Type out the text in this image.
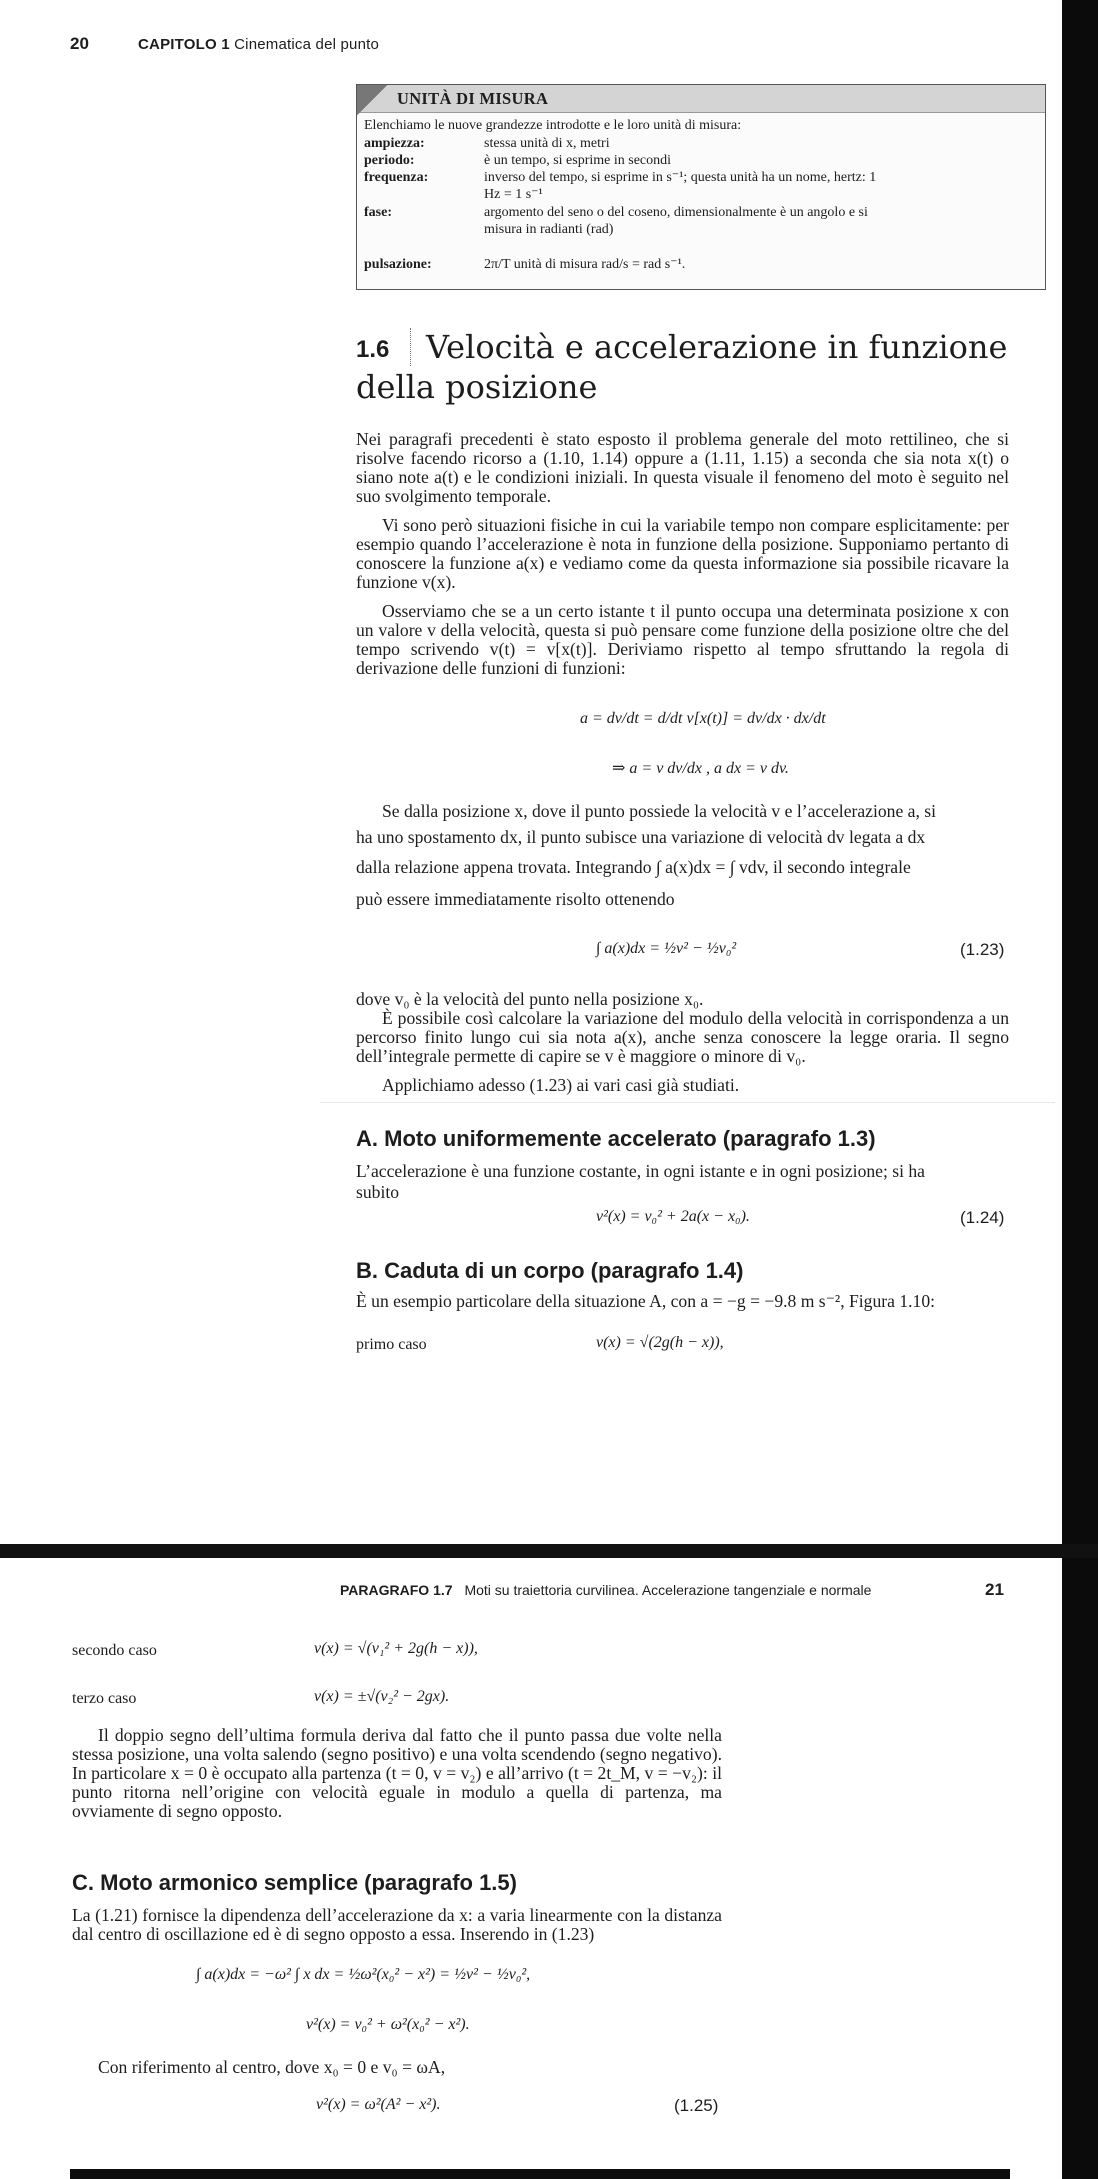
20	CAPITOLO 1 Cinematica del punto
UNITÀ DI MISURA
Elenchiamo le nuove grandezze introdotte e le loro unità di misura:
ampiezza:	stessa unità di x, metri
periodo:	è un tempo, si esprime in secondi
frequenza:	inverso del tempo, si esprime in s⁻¹; questa unità ha un nome, hertz: 1
Hz = 1 s⁻¹
fase:	argomento del seno o del coseno, dimensionalmente è un angolo e si
misura in radianti (rad)
pulsazione:	2π/T unità di misura rad/s = rad s⁻¹.
1.6 Velocità e accelerazione in funzione
della posizione
Nei paragrafi precedenti è stato esposto il problema generale del moto rettilineo, che si risolve facendo ricorso a (1.10, 1.14) oppure a (1.11, 1.15) a seconda che sia nota x(t) o siano note a(t) e le condizioni iniziali. In questa visuale il fenomeno del moto è seguito nel suo svolgimento temporale.
Vi sono però situazioni fisiche in cui la variabile tempo non compare esplicitamente: per esempio quando l’accelerazione è nota in funzione della posizione. Supponiamo pertanto di conoscere la funzione a(x) e vediamo come da questa informazione sia possibile ricavare la funzione v(x).
Osserviamo che se a un certo istante t il punto occupa una determinata posizione x con un valore v della velocità, questa si può pensare come funzione della posizione oltre che del tempo scrivendo v(t) = v[x(t)]. Deriviamo rispetto al tempo sfruttando la regola di derivazione delle funzioni di funzioni:
a = dv/dt = d/dt v[x(t)] = dv/dx · dx/dt
⇒ a = v dv/dx , a dx = v dv.
Se dalla posizione x, dove il punto possiede la velocità v e l’accelerazione a, si
ha uno spostamento dx, il punto subisce una variazione di velocità dv legata a dx
dalla relazione appena trovata. Integrando ∫ a(x)dx = ∫ vdv, il secondo integrale
può essere immediatamente risolto ottenendo
∫ a(x)dx = ½v² − ½v₀²	(1.23)
dove v₀ è la velocità del punto nella posizione x₀.
È possibile così calcolare la variazione del modulo della velocità in corrispondenza a un percorso finito lungo cui sia nota a(x), anche senza conoscere la legge oraria. Il segno dell’integrale permette di capire se v è maggiore o minore di v₀.
Applichiamo adesso (1.23) ai vari casi già studiati.
A. Moto uniformemente accelerato (paragrafo 1.3)
L’accelerazione è una funzione costante, in ogni istante e in ogni posizione; si ha
subito
v²(x) = v₀² + 2a(x − x₀).	(1.24)
B. Caduta di un corpo (paragrafo 1.4)
È un esempio particolare della situazione A, con a = −g = −9.8 m s⁻², Figura 1.10:
primo caso	v(x) = √(2g(h − x)),
PARAGRAFO 1.7 Moti su traiettoria curvilinea. Accelerazione tangenziale e normale	21
secondo caso	v(x) = √(v₁² + 2g(h − x)),
terzo caso	v(x) = ±√(v₂² − 2gx).
Il doppio segno dell’ultima formula deriva dal fatto che il punto passa due volte nella stessa posizione, una volta salendo (segno positivo) e una volta scendendo (segno negativo). In particolare x = 0 è occupato alla partenza (t = 0, v = v₂) e all’arrivo (t = 2t_M, v = −v₂): il punto ritorna nell’origine con velocità eguale in modulo a quella di partenza, ma ovviamente di segno opposto.
C. Moto armonico semplice (paragrafo 1.5)
La (1.21) fornisce la dipendenza dell’accelerazione da x: a varia linearmente con la distanza dal centro di oscillazione ed è di segno opposto a essa. Inserendo in (1.23)
∫ a(x)dx = −ω² ∫ x dx = ½ω²(x₀² − x²) = ½v² − ½v₀²,
v²(x) = v₀² + ω²(x₀² − x²).
Con riferimento al centro, dove x₀ = 0 e v₀ = ωA,
v²(x) = ω²(A² − x²).	(1.25)
